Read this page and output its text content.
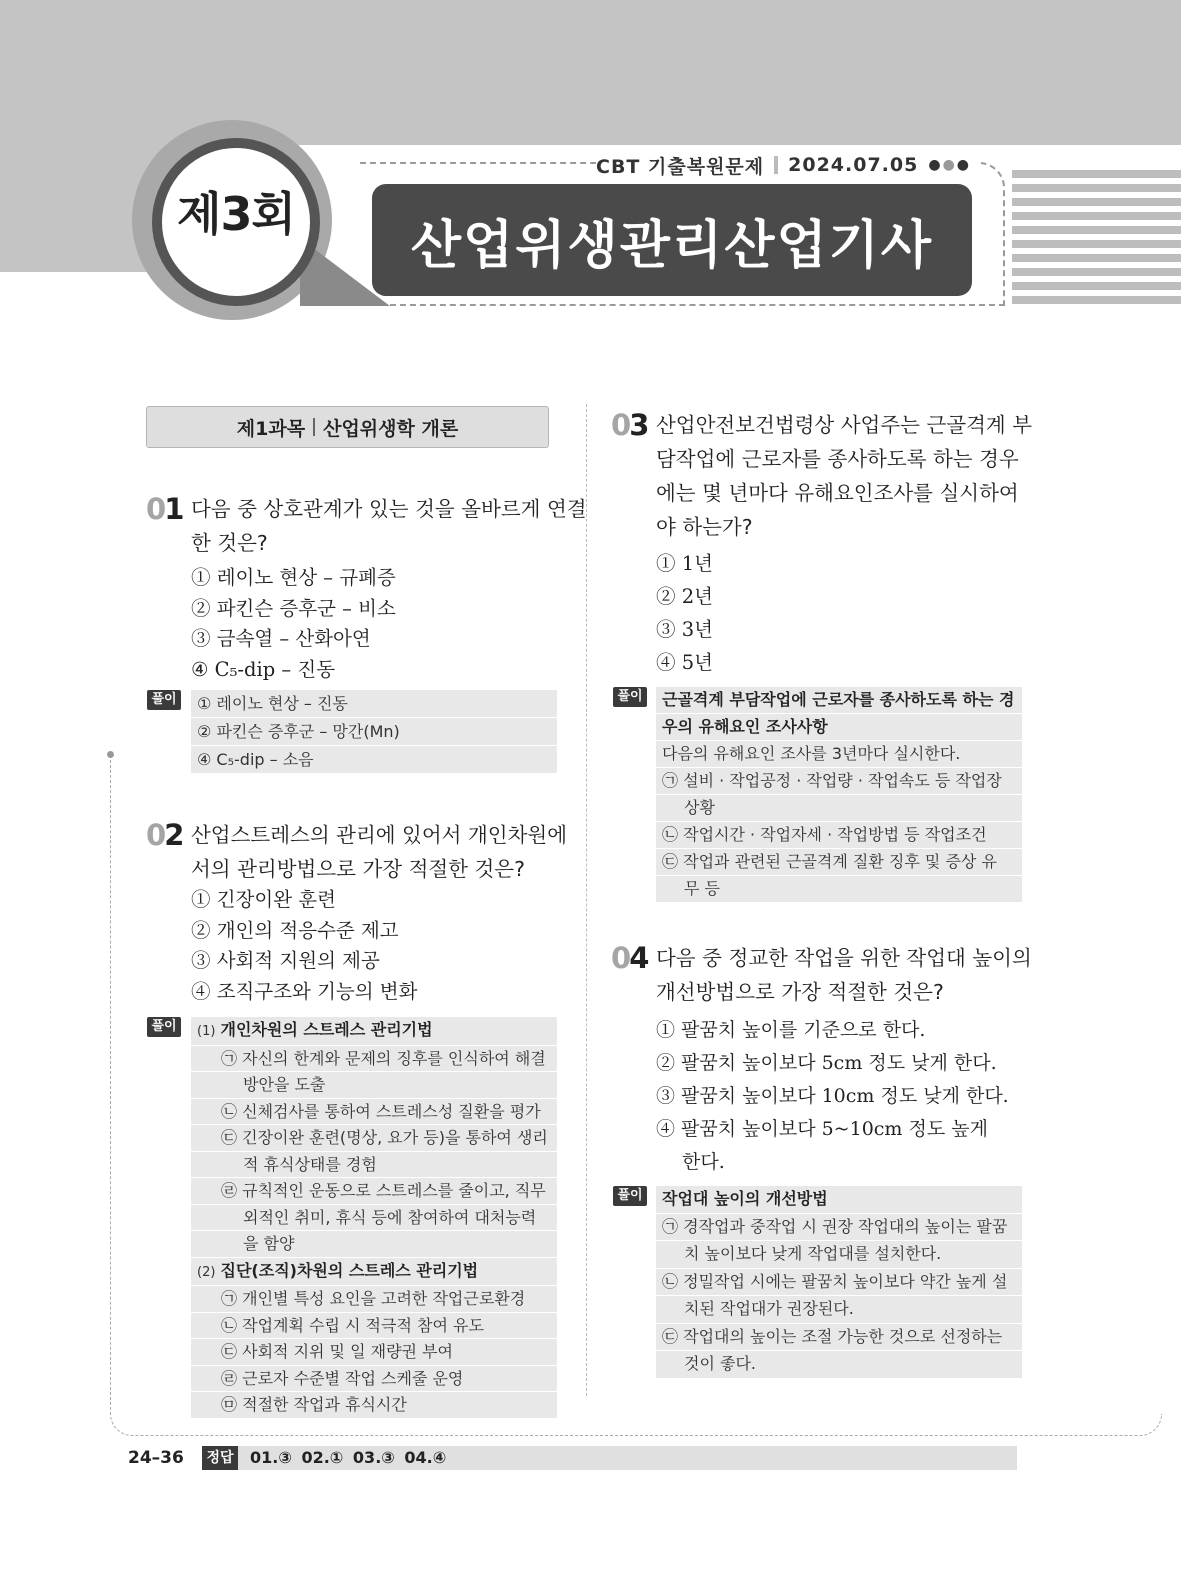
CBT 기출복원문제 2024.07.05 ●●●
제3회
산업위생관리산업기사
제1과목 산업위생학 개론
01 다음 중 상호관계가 있는 것을 올바르게 연결
한 것은?
① 레이노 현상 – 규폐증
② 파킨슨 증후군 – 비소
③ 금속열 – 산화아연
④ C₅-dip – 진동
풀이	① 레이노 현상 – 진동
② 파킨슨 증후군 – 망간(Mn)
④ C₅-dip – 소음
02 산업스트레스의 관리에 있어서 개인차원에
서의 관리방법으로 가장 적절한 것은?
① 긴장이완 훈련
② 개인의 적응수준 제고
③ 사회적 지원의 제공
④ 조직구조와 기능의 변화
풀이	(1) 개인차원의 스트레스 관리기법
㉠ 자신의 한계와 문제의 징후를 인식하여 해결
방안을 도출
㉡ 신체검사를 통하여 스트레스성 질환을 평가
㉢ 긴장이완 훈련(명상, 요가 등)을 통하여 생리
적 휴식상태를 경험
㉣ 규칙적인 운동으로 스트레스를 줄이고, 직무
외적인 취미, 휴식 등에 참여하여 대처능력
을 함양
(2) 집단(조직)차원의 스트레스 관리기법
㉠ 개인별 특성 요인을 고려한 작업근로환경
㉡ 작업계획 수립 시 적극적 참여 유도
㉢ 사회적 지위 및 일 재량권 부여
㉣ 근로자 수준별 작업 스케줄 운영
㉤ 적절한 작업과 휴식시간
03 산업안전보건법령상 사업주는 근골격계 부
담작업에 근로자를 종사하도록 하는 경우
에는 몇 년마다 유해요인조사를 실시하여
야 하는가?
① 1년
② 2년
③ 3년
④ 5년
풀이	근골격계 부담작업에 근로자를 종사하도록 하는 경
우의 유해요인 조사사항
다음의 유해요인 조사를 3년마다 실시한다.
㉠ 설비 · 작업공정 · 작업량 · 작업속도 등 작업장
상황
㉡ 작업시간 · 작업자세 · 작업방법 등 작업조건
㉢ 작업과 관련된 근골격계 질환 징후 및 증상 유
무 등
04 다음 중 정교한 작업을 위한 작업대 높이의
개선방법으로 가장 적절한 것은?
① 팔꿈치 높이를 기준으로 한다.
② 팔꿈치 높이보다 5cm 정도 낮게 한다.
③ 팔꿈치 높이보다 10cm 정도 낮게 한다.
④ 팔꿈치 높이보다 5~10cm 정도 높게
한다.
풀이	작업대 높이의 개선방법
㉠ 경작업과 중작업 시 권장 작업대의 높이는 팔꿈
치 높이보다 낮게 작업대를 설치한다.
㉡ 정밀작업 시에는 팔꿈치 높이보다 약간 높게 설
치된 작업대가 권장된다.
㉢ 작업대의 높이는 조절 가능한 것으로 선정하는
것이 좋다.
24–36	정답 01.③ 02.① 03.③ 04.④
